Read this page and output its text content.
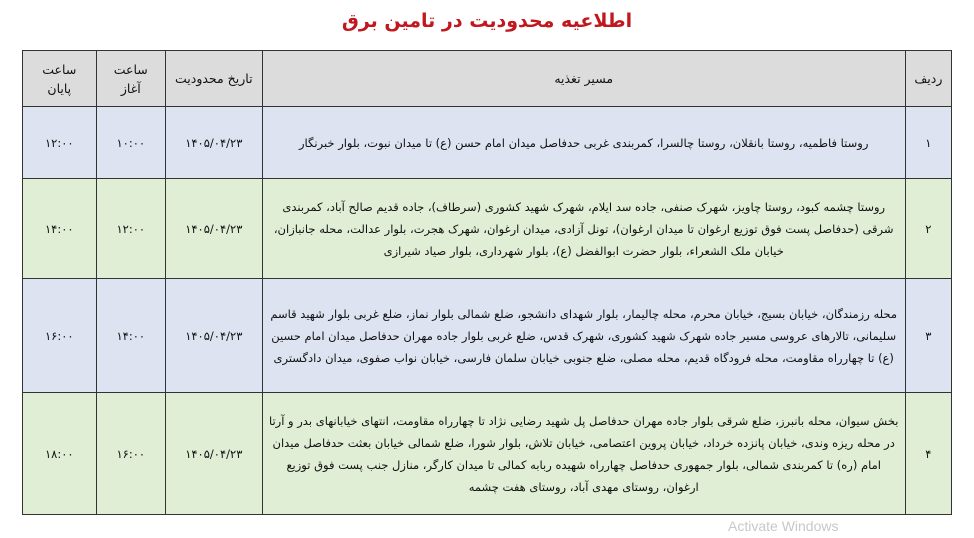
اطلاعیه محدودیت در تامین برق
ردیف	مسیر تغذیه	تاریخ محدودیت	ساعت آغاز	ساعت پایان
۱	روستا فاطمیه، روستا بانقلان، روستا چالسرا، کمربندی غربی حدفاصل میدان امام حسن (ع) تا میدان نبوت، بلوار خبرنگار	۱۴۰۵/۰۴/۲۳	۱۰:۰۰	۱۲:۰۰
۲	روستا چشمه کبود، روستا چاویز، شهرک صنفی، جاده سد ایلام، شهرک شهید کشوری (سرطاف)، جاده قدیم صالح آباد، کمربندی شرقی (حدفاصل پست فوق توزیع ارغوان تا میدان ارغوان)، تونل آزادی، میدان ارغوان، شهرک هجرت، بلوار عدالت، محله جانبازان، خیابان ملک الشعراء، بلوار حضرت ابوالفضل (ع)، بلوار شهرداری، بلوار صیاد شیرازی	۱۴۰۵/۰۴/۲۳	۱۲:۰۰	۱۴:۰۰
۳	محله رزمندگان، خیابان بسیج، خیابان محرم، محله چالیمار، بلوار شهدای دانشجو، ضلع شمالی بلوار نماز، ضلع غربی بلوار شهید قاسم سلیمانی، تالارهای عروسی مسیر جاده شهرک شهید کشوری، شهرک قدس، ضلع غربی بلوار جاده مهران حدفاصل میدان امام حسین (ع) تا چهارراه مقاومت، محله فرودگاه قدیم، محله مصلی، ضلع جنوبی خیابان سلمان فارسی، خیابان نواب صفوی، میدان دادگستری	۱۴۰۵/۰۴/۲۳	۱۴:۰۰	۱۶:۰۰
۴	بخش سیوان، محله بانبرز، ضلع شرقی بلوار جاده مهران حدفاصل پل شهید رضایی نژاد تا چهارراه مقاومت، انتهای خیابانهای بدر و آرتا در محله ریزه وندی، خیابان پانزده خرداد، خیابان پروین اعتصامی، خیابان تلاش، بلوار شورا، ضلع شمالی خیابان بعثت حدفاصل میدان امام (ره) تا کمربندی شمالی، بلوار جمهوری حدفاصل چهارراه شهیده ربابه کمالی تا میدان کارگر، منازل جنب پست فوق توزیع ارغوان، روستای مهدی آباد، روستای هفت چشمه	۱۴۰۵/۰۴/۲۳	۱۶:۰۰	۱۸:۰۰
Activate Windows
